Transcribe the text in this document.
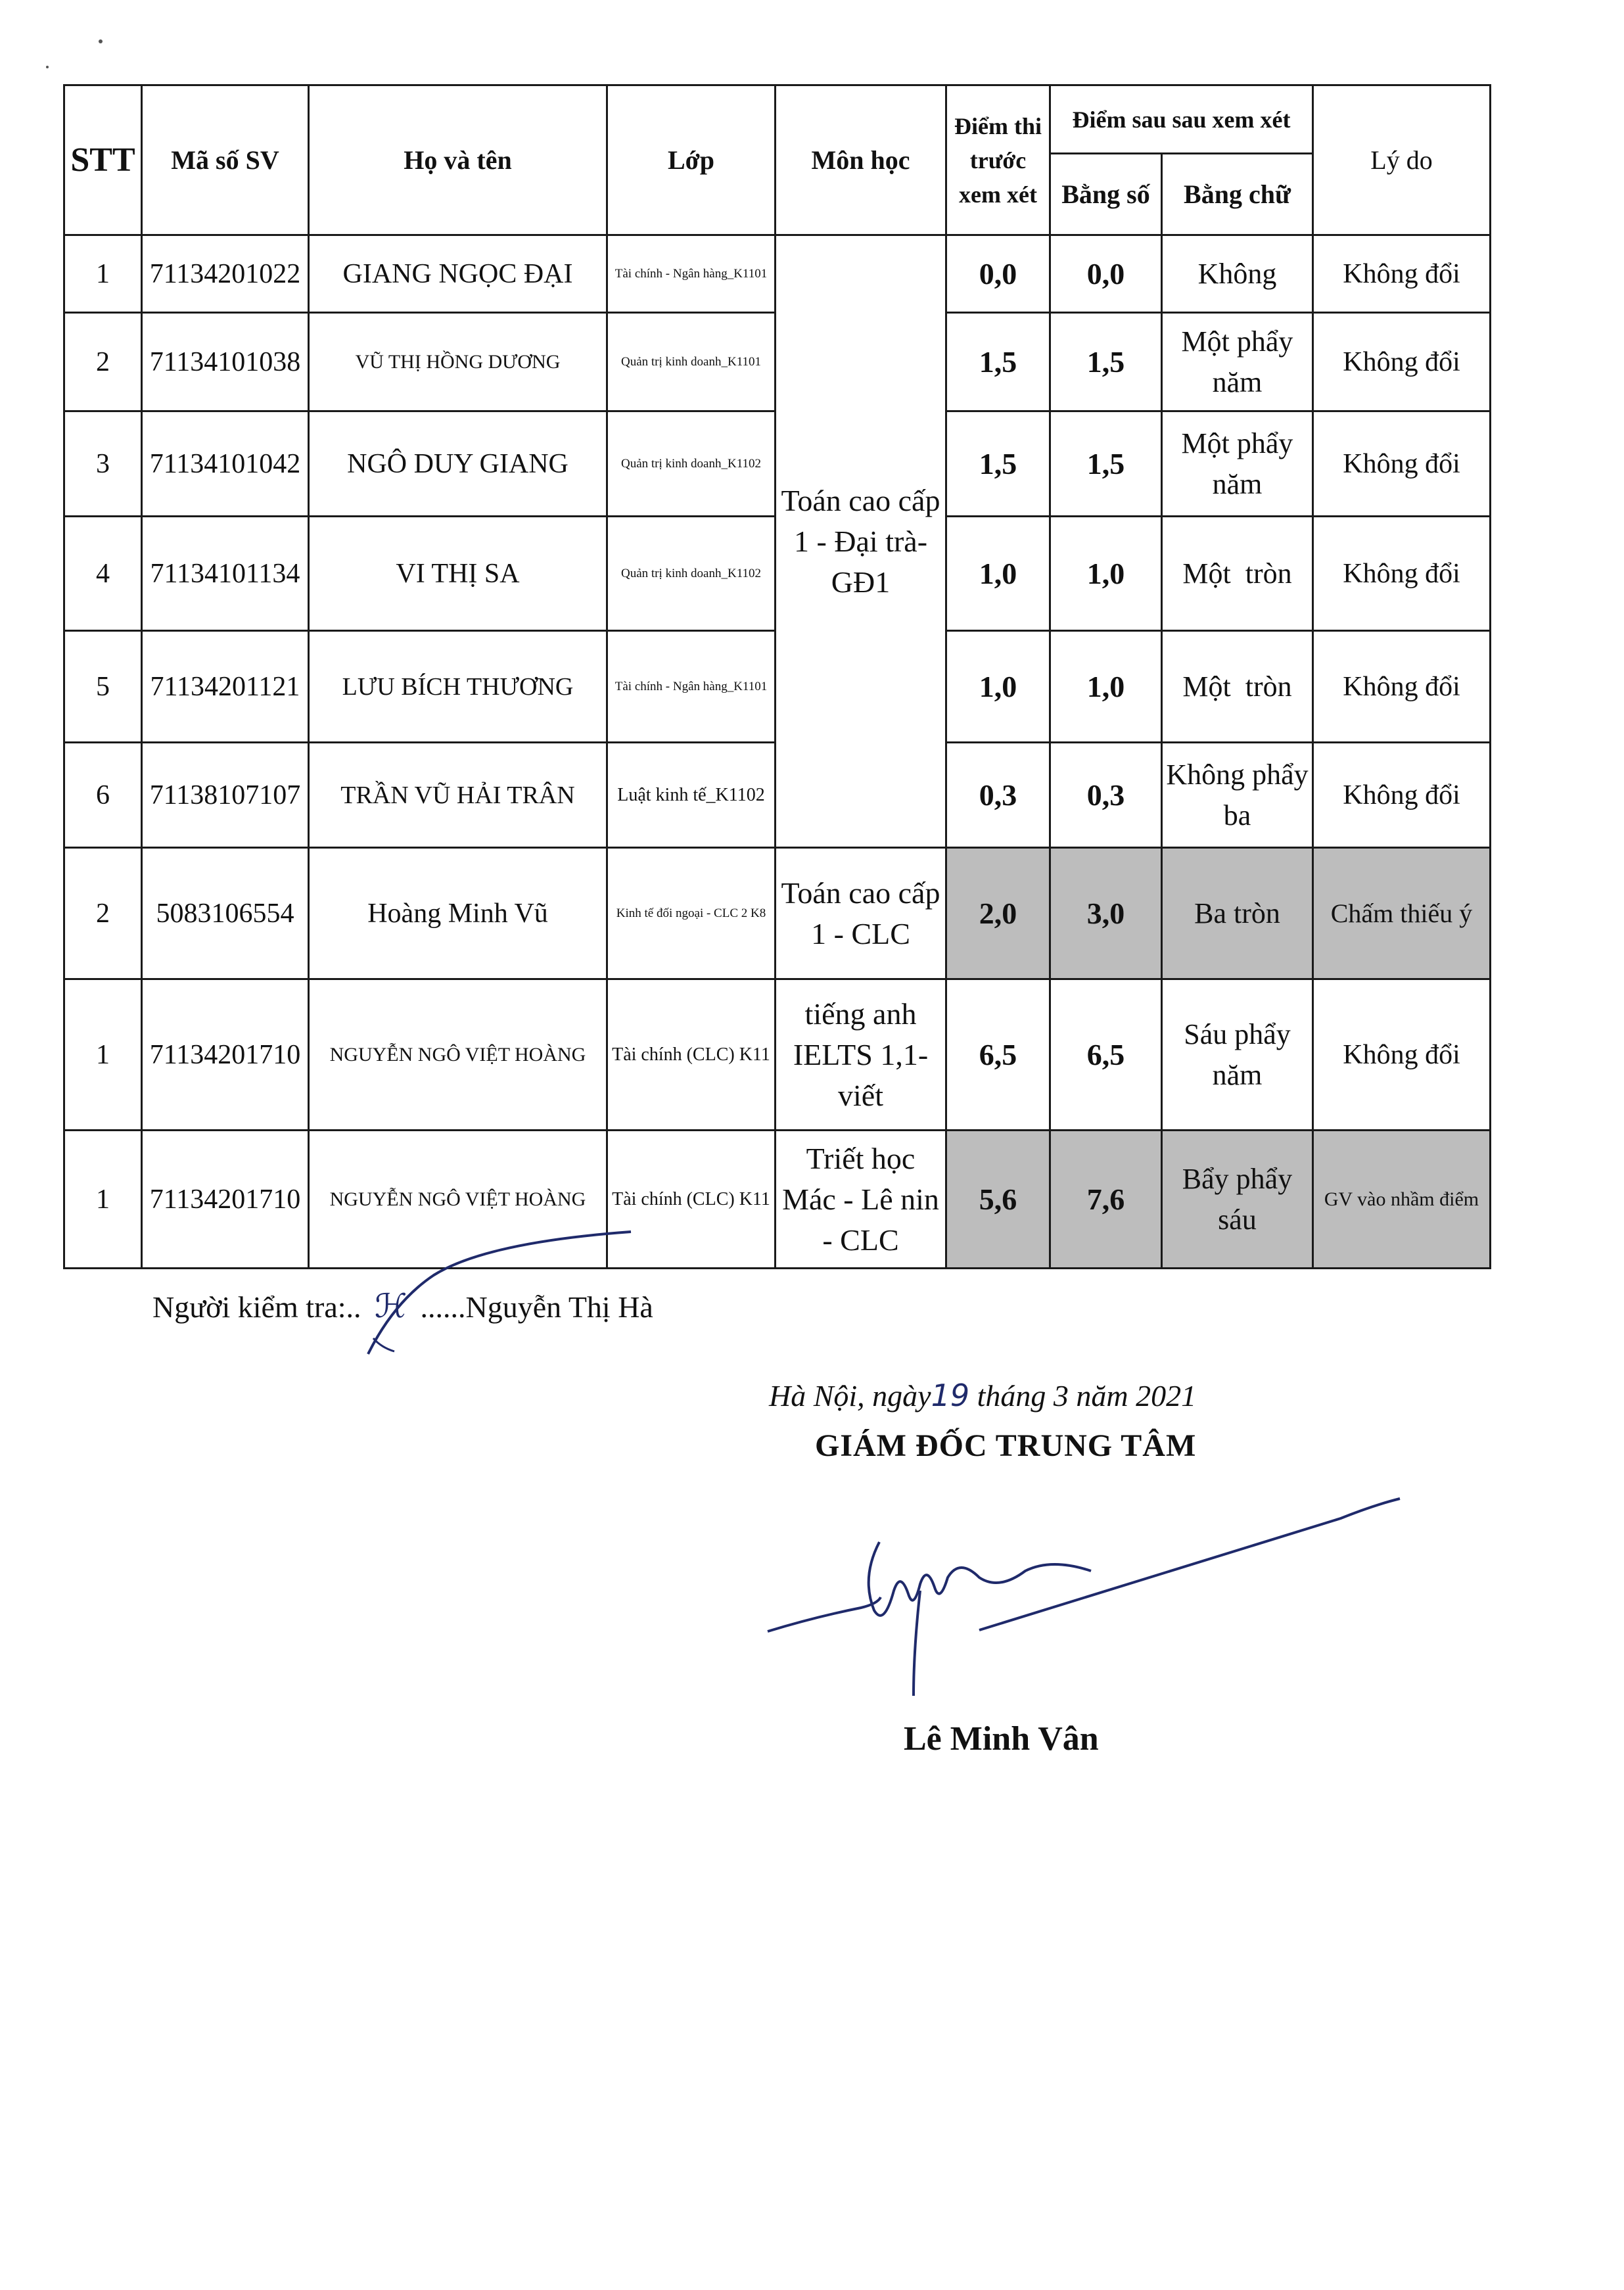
STT	Mã số SV	Họ và tên	Lớp	Môn học	Điểm thi trước xem xét	Điểm sau sau xem xét		Lý do
						Bằng số	Bằng chữ	
1	71134201022	GIANG NGỌC ĐẠI	Tài chính - Ngân hàng_K1101	Toán cao cấp 1 - Đại trà- GĐ1	0,0	0,0	Không	Không đổi
2	71134101038	VŨ THỊ HỒNG DƯƠNG	Quản trị kinh doanh_K1101		1,5	1,5	Một phẩy năm	Không đổi
3	71134101042	NGÔ DUY GIANG	Quản trị kinh doanh_K1102		1,5	1,5	Một phẩy năm	Không đổi
4	71134101134	VI THỊ SA	Quản trị kinh doanh_K1102		1,0	1,0	Một  tròn	Không đổi
5	71134201121	LƯU BÍCH THƯƠNG	Tài chính - Ngân hàng_K1101		1,0	1,0	Một  tròn	Không đổi
6	71138107107	TRẦN VŨ HẢI TRÂN	Luật kinh tế_K1102		0,3	0,3	Không phẩy ba	Không đổi
2	5083106554	Hoàng Minh Vũ	Kinh tế đối ngoại - CLC 2 K8	Toán cao cấp 1 - CLC	2,0	3,0	Ba tròn	Chấm thiếu ý
1	71134201710	NGUYỄN NGÔ VIỆT HOÀNG	Tài chính (CLC) K11	tiếng anh IELTS 1,1- viết	6,5	6,5	Sáu phẩy năm	Không đổi
1	71134201710	NGUYỄN NGÔ VIỆT HOÀNG	Tài chính (CLC) K11	Triết học Mác - Lê nin - CLC	5,6	7,6	Bẩy phẩy sáu	GV vào nhầm điểm
Người kiểm tra:.. ℋ ......Nguyễn Thị Hà
Hà Nội, ngày19 tháng 3 năm 2021
GIÁM ĐỐC TRUNG TÂM
Lê Minh Vân
